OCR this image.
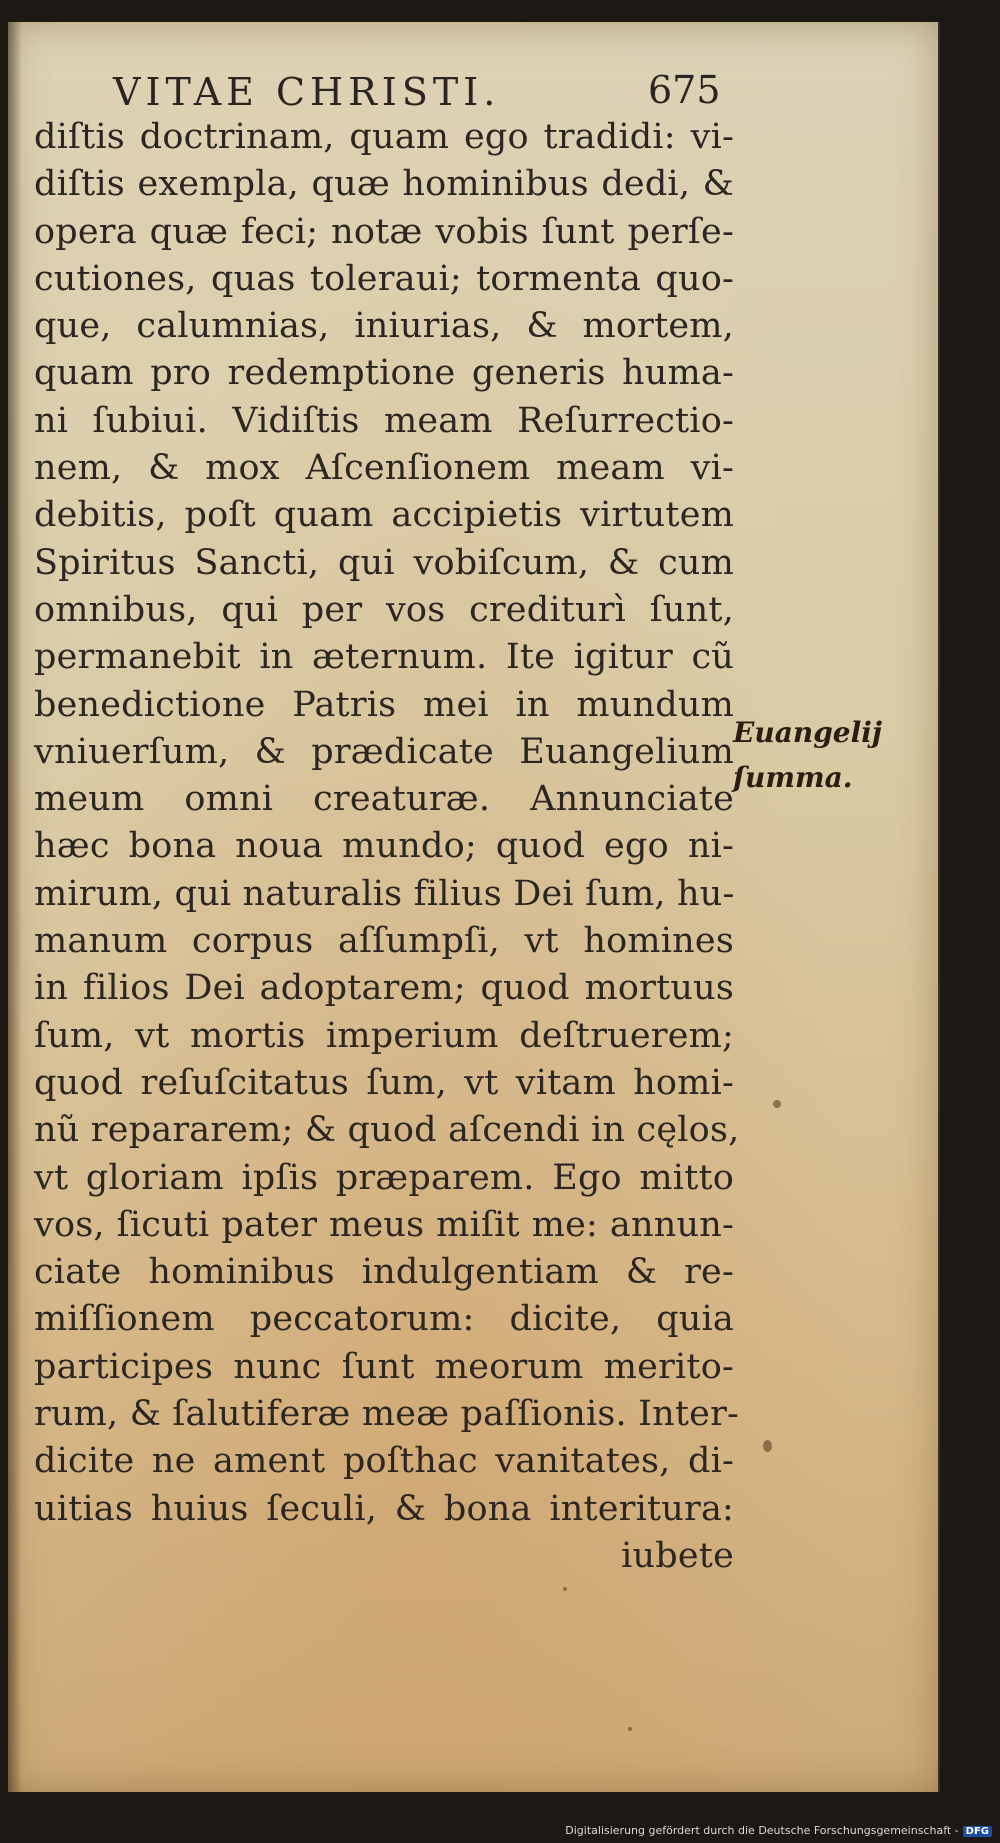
VITAE CHRISTI.	675
diſtis doctrinam, quam ego tradidi: vi-
diſtis exempla, quæ hominibus dedi, &
opera quæ feci; notæ vobis ſunt perſe-
cutiones, quas toleraui; tormenta quo-
que, calumnias, iniurias, & mortem,
quam pro redemptione generis huma-
ni ſubiui. Vidiſtis meam Reſurrectio-
nem, & mox Aſcenſionem meam vi-
debitis, poſt quam accipietis virtutem
Spiritus Sancti, qui vobiſcum, & cum
omnibus, qui per vos crediturì ſunt,
permanebit in æternum. Ite igitur cũ
benedictione Patris mei in mundum
vniuerſum, & prædicate Euangelium
meum omni creaturæ. Annunciate
hæc bona noua mundo; quod ego ni-
mirum, qui naturalis filius Dei ſum, hu-
manum corpus aſſumpſi, vt homines
in filios Dei adoptarem; quod mortuus
ſum, vt mortis imperium deſtruerem;
quod reſuſcitatus ſum, vt vitam homi-
nũ repararem; & quod aſcendi in cęlos,
vt gloriam ipſis præparem. Ego mitto
vos, ſicuti pater meus miſit me: annun-
ciate hominibus indulgentiam & re-
miſſionem peccatorum: dicite, quia
participes nunc ſunt meorum merito-
rum, & ſalutiferæ meæ paſſionis. Inter-
dicite ne ament poſthac vanitates, di-
uitias huius ſeculi, & bona interitura:
iubete
Euangelij
ſumma.
Digitalisierung gefördert durch die Deutsche Forschungsgemeinschaft - DFG
